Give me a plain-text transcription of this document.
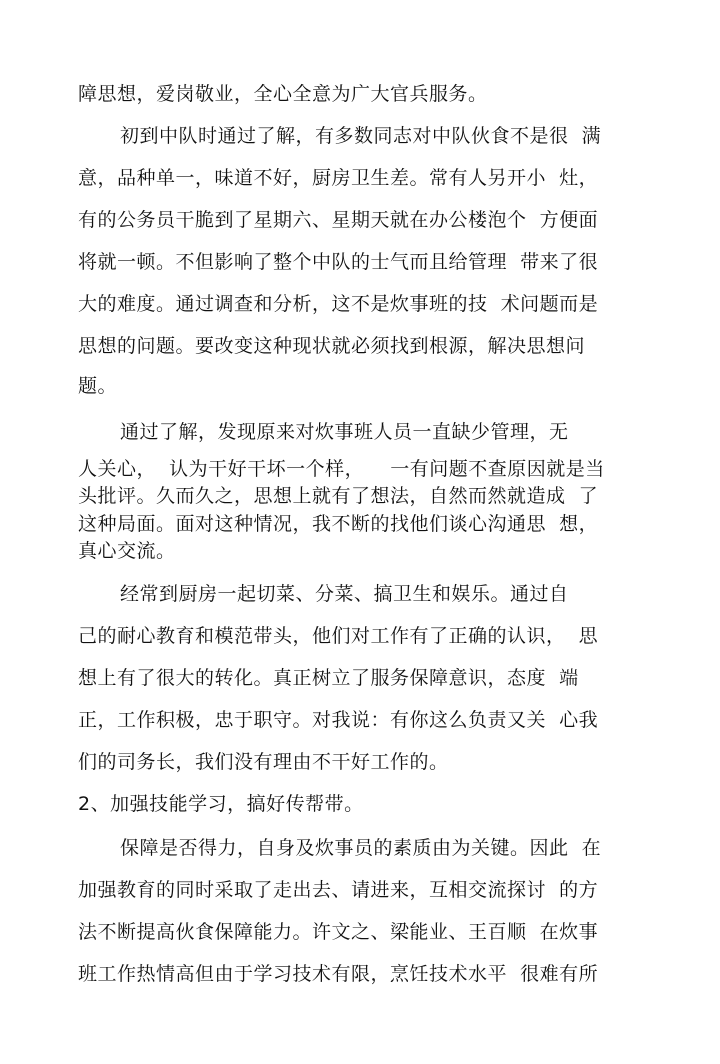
障思想，爱岗敬业，全心全意为广大官兵服务。
初到中队时通过了解，有多数同志对中队伙食不是很  满
意，品种单一，味道不好，厨房卫生差。常有人另开小  灶，
有的公务员干脆到了星期六、星期天就在办公楼泡个  方便面
将就一顿。不但影响了整个中队的士气而且给管理  带来了很
大的难度。通过调查和分析，这不是炊事班的技  术问题而是
思想的问题。要改变这种现状就必须找到根源，解决思想问
题。
通过了解，发现原来对炊事班人员一直缺少管理，无
人关心，  认为干好干坏一个样，    一有问题不查原因就是当
头批评。久而久之，思想上就有了想法，自然而然就造成  了
这种局面。面对这种情况，我不断的找他们谈心沟通思  想，
真心交流。
经常到厨房一起切菜、分菜、搞卫生和娱乐。通过自
己的耐心教育和模范带头，他们对工作有了正确的认识，  思
想上有了很大的转化。真正树立了服务保障意识，态度  端
正，工作积极，忠于职守。对我说：有你这么负责又关  心我
们的司务长，我们没有理由不干好工作的。
2、加强技能学习，搞好传帮带。
保障是否得力，自身及炊事员的素质由为关键。因此  在
加强教育的同时采取了走出去、请进来，互相交流探讨  的方
法不断提高伙食保障能力。许文之、梁能业、王百顺  在炊事
班工作热情高但由于学习技术有限，烹饪技术水平  很难有所
